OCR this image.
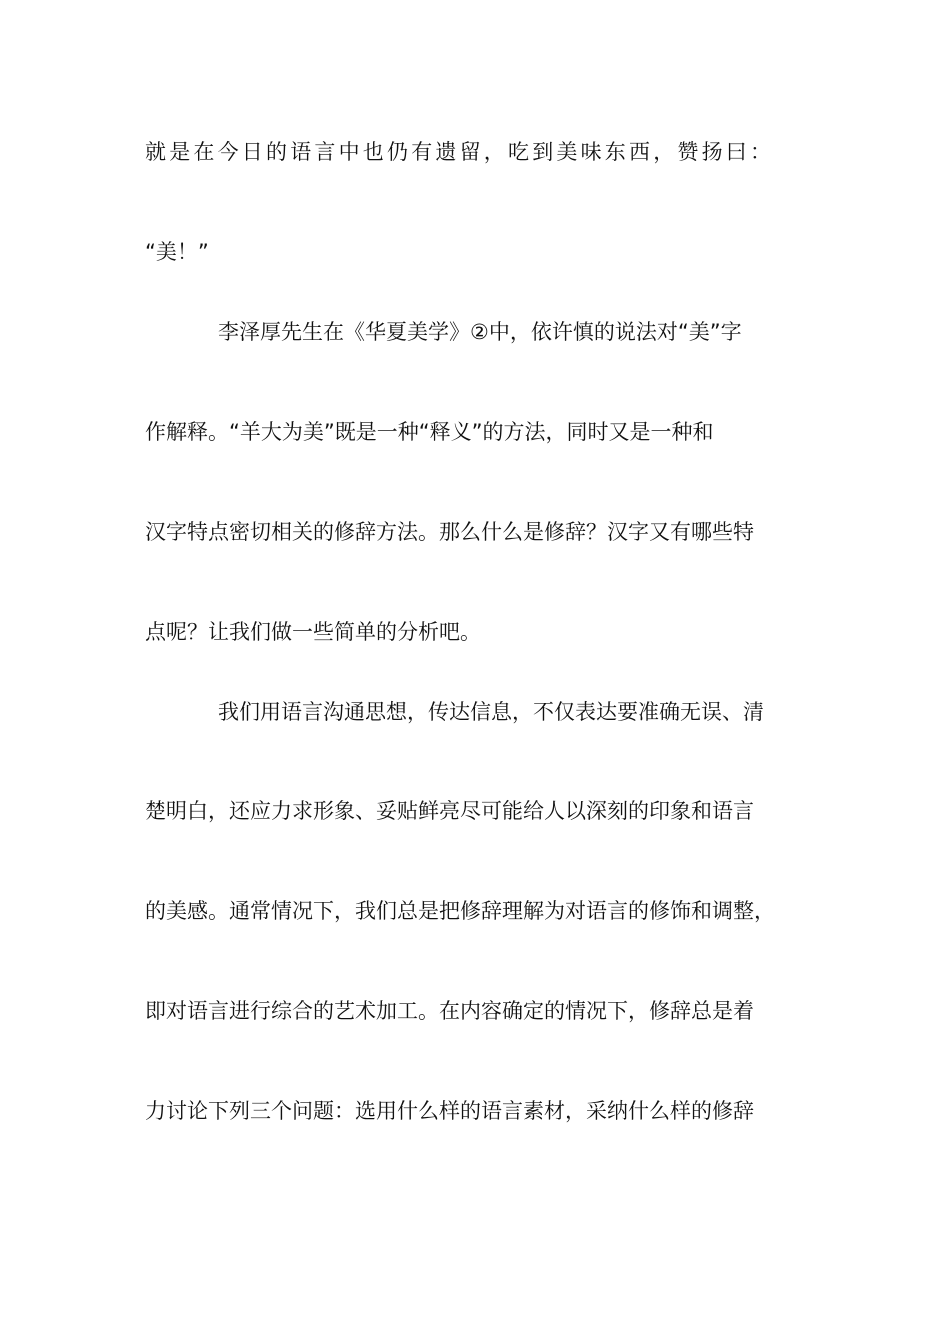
就是在今日的语言中也仍有遗留，吃到美味东西，赞扬曰：
“美！”
李泽厚先生在《华夏美学》②中，依许慎的说法对“美”字
作解释。“羊大为美”既是一种“释义”的方法，同时又是一种和
汉字特点密切相关的修辞方法。那么什么是修辞？汉字又有哪些特
点呢？让我们做一些简单的分析吧。
我们用语言沟通思想，传达信息，不仅表达要准确无误、清
楚明白，还应力求形象、妥贴鲜亮尽可能给人以深刻的印象和语言
的美感。通常情况下，我们总是把修辞理解为对语言的修饰和调整，
即对语言进行综合的艺术加工。在内容确定的情况下，修辞总是着
力讨论下列三个问题：选用什么样的语言素材，采纳什么样的修辞
